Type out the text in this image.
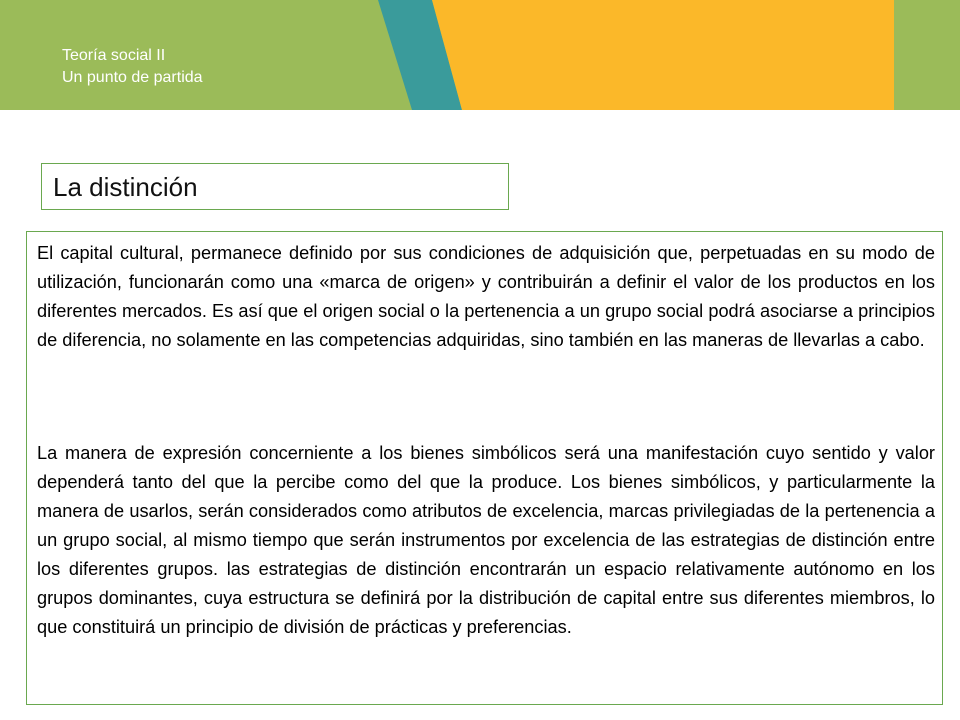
Teoría social II
Un punto de partida
La distinción

El capital cultural, permanece definido por sus condiciones de adquisición que, perpetuadas en su modo de utilización, funcionarán como una «marca de origen» y contribuirán a definir el valor de los productos en los diferentes mercados. Es así que el origen social o la pertenencia a un grupo social podrá asociarse a principios de diferencia, no solamente en las competencias adquiridas, sino también en las maneras de llevarlas a cabo.

La manera de expresión concerniente a los bienes simbólicos será una manifestación cuyo sentido y valor dependerá tanto del que la percibe como del que la produce. Los bienes simbólicos, y particularmente la manera de usarlos, serán considerados como atributos de excelencia, marcas privilegiadas de la pertenencia a un grupo social, al mismo tiempo que serán instrumentos por excelencia de las estrategias de distinción entre los diferentes grupos. las estrategias de distinción encontrarán un espacio relativamente autónomo en los grupos dominantes, cuya estructura se definirá por la distribución de capital entre sus diferentes miembros, lo que constituirá un principio de división de prácticas y preferencias.
